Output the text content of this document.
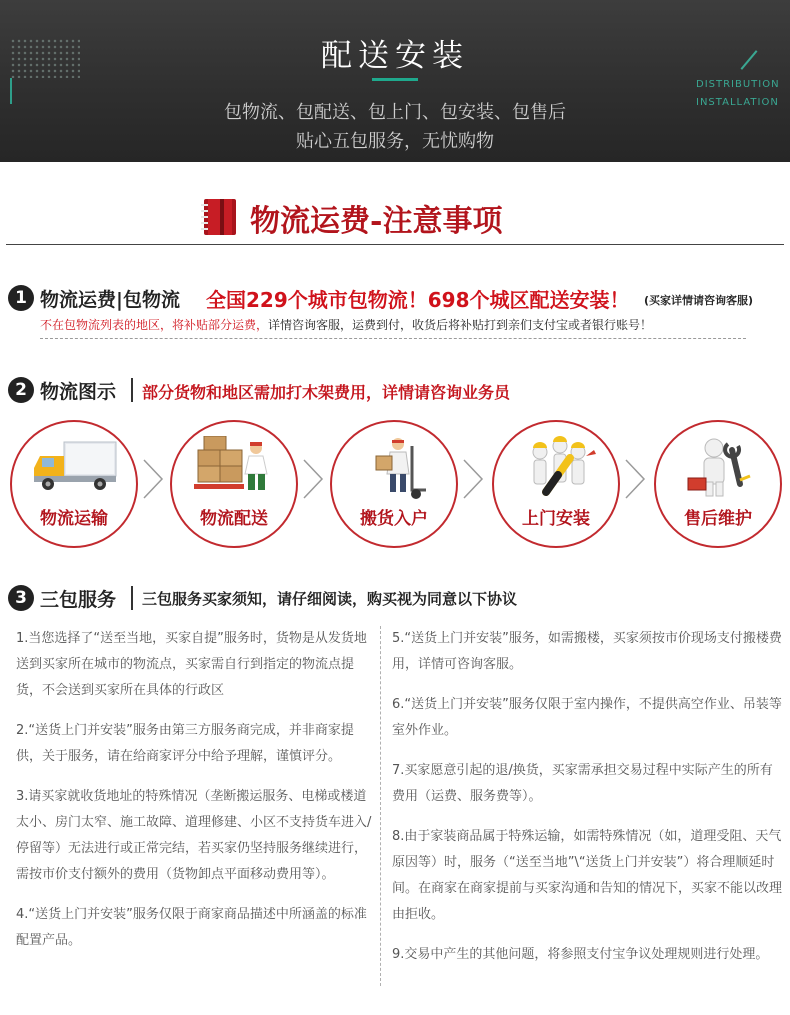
配送安装
包物流、包配送、包上门、包安装、包售后
贴心五包服务，无忧购物
DISTRIBUTION
INSTALLATION
物流运费-注意事项
1 物流运费|包物流 全国229个城市包物流！698个城区配送安装！ (买家详情请咨询客服)
不在包物流列表的地区，将补贴部分运费，详情咨询客服，运费到付，收货后将补贴打到亲们支付宝或者银行账号！
2 物流图示 部分货物和地区需加打木架费用，详情请咨询业务员
物流运输	物流配送	搬货入户	上门安装	售后维护
3 三包服务 三包服务买家须知，请仔细阅读，购买视为同意以下协议

1.当您选择了“送至当地，买家自提”服务时，货物是从发货地送到买家所在城市的物流点，买家需自行到指定的物流点提货，不会送到买家所在具体的行政区

2.“送货上门并安装”服务由第三方服务商完成，并非商家提供，关于服务，请在给商家评分中给予理解，谨慎评分。

3.请买家就收货地址的特殊情况（垄断搬运服务、电梯或楼道太小、房门太窄、施工故障、道理修建、小区不支持货车进入/停留等）无法进行或正常完结，若买家仍坚持服务继续进行，需按市价支付额外的费用（货物卸点平面移动费用等）。

4.“送货上门并安装”服务仅限于商家商品描述中所涵盖的标准配置产品。

5.“送货上门并安装”服务，如需搬楼，买家须按市价现场支付搬楼费用，详情可咨询客服。

6.“送货上门并安装”服务仅限于室内操作，不提供高空作业、吊装等室外作业。

7.买家愿意引起的退/换货，买家需承担交易过程中实际产生的所有费用（运费、服务费等）。

8.由于家装商品属于特殊运输，如需特殊情况（如，道理受阻、天气原因等）时，服务（“送至当地”\“送货上门并安装”）将合理顺延时间。在商家在商家提前与买家沟通和告知的情况下，买家不能以改理由拒收。

9.交易中产生的其他问题，将参照支付宝争议处理规则进行处理。
